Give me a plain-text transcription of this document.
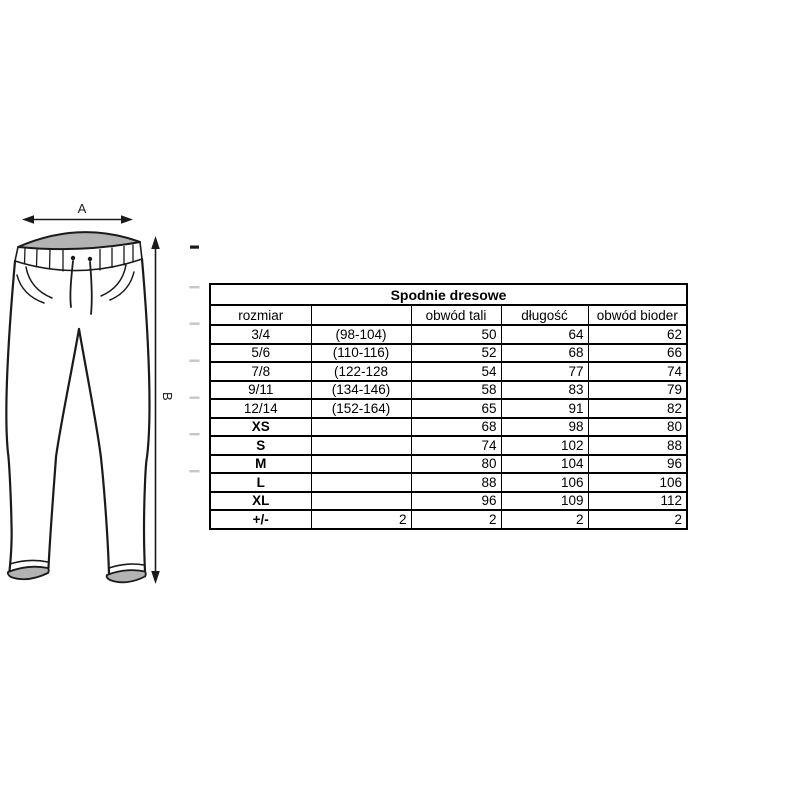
A
B
Spodnie dresowe				
rozmiar		obwód tali	długość	obwód bioder
3/4	(98-104)	50	64	62
5/6	(110-116)	52	68	66
7/8	(122-128	54	77	74
9/11	(134-146)	58	83	79
12/14	(152-164)	65	91	82
XS		68	98	80
S		74	102	88
M		80	104	96
L		88	106	106
XL		96	109	112
+/-	2	2	2	2
